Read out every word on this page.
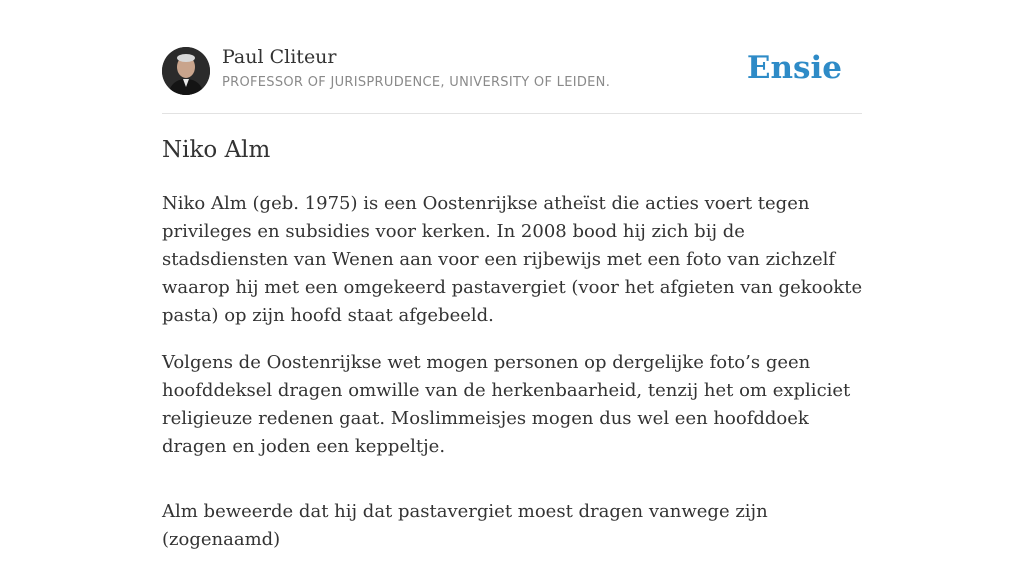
Paul Cliteur
PROFESSOR OF JURISPRUDENCE, UNIVERSITY OF LEIDEN.	Ensie
Niko Alm

Niko Alm (geb. 1975) is een Oostenrijkse atheïst die acties voert tegen privileges en subsidies voor kerken. In 2008 bood hij zich bij de stadsdiensten van Wenen aan voor een rijbewijs met een foto van zichzelf waarop hij met een omgekeerd pastavergiet (voor het afgieten van gekookte pasta) op zijn hoofd staat afgebeeld.

Volgens de Oostenrijkse wet mogen personen op dergelijke foto’s geen hoofddeksel dragen omwille van de herkenbaarheid, tenzij het om expliciet religieuze redenen gaat. Moslimmeisjes mogen dus wel een hoofddoek dragen en joden een keppeltje.

Alm beweerde dat hij dat pastavergiet moest dragen vanwege zijn (zogenaamd)
